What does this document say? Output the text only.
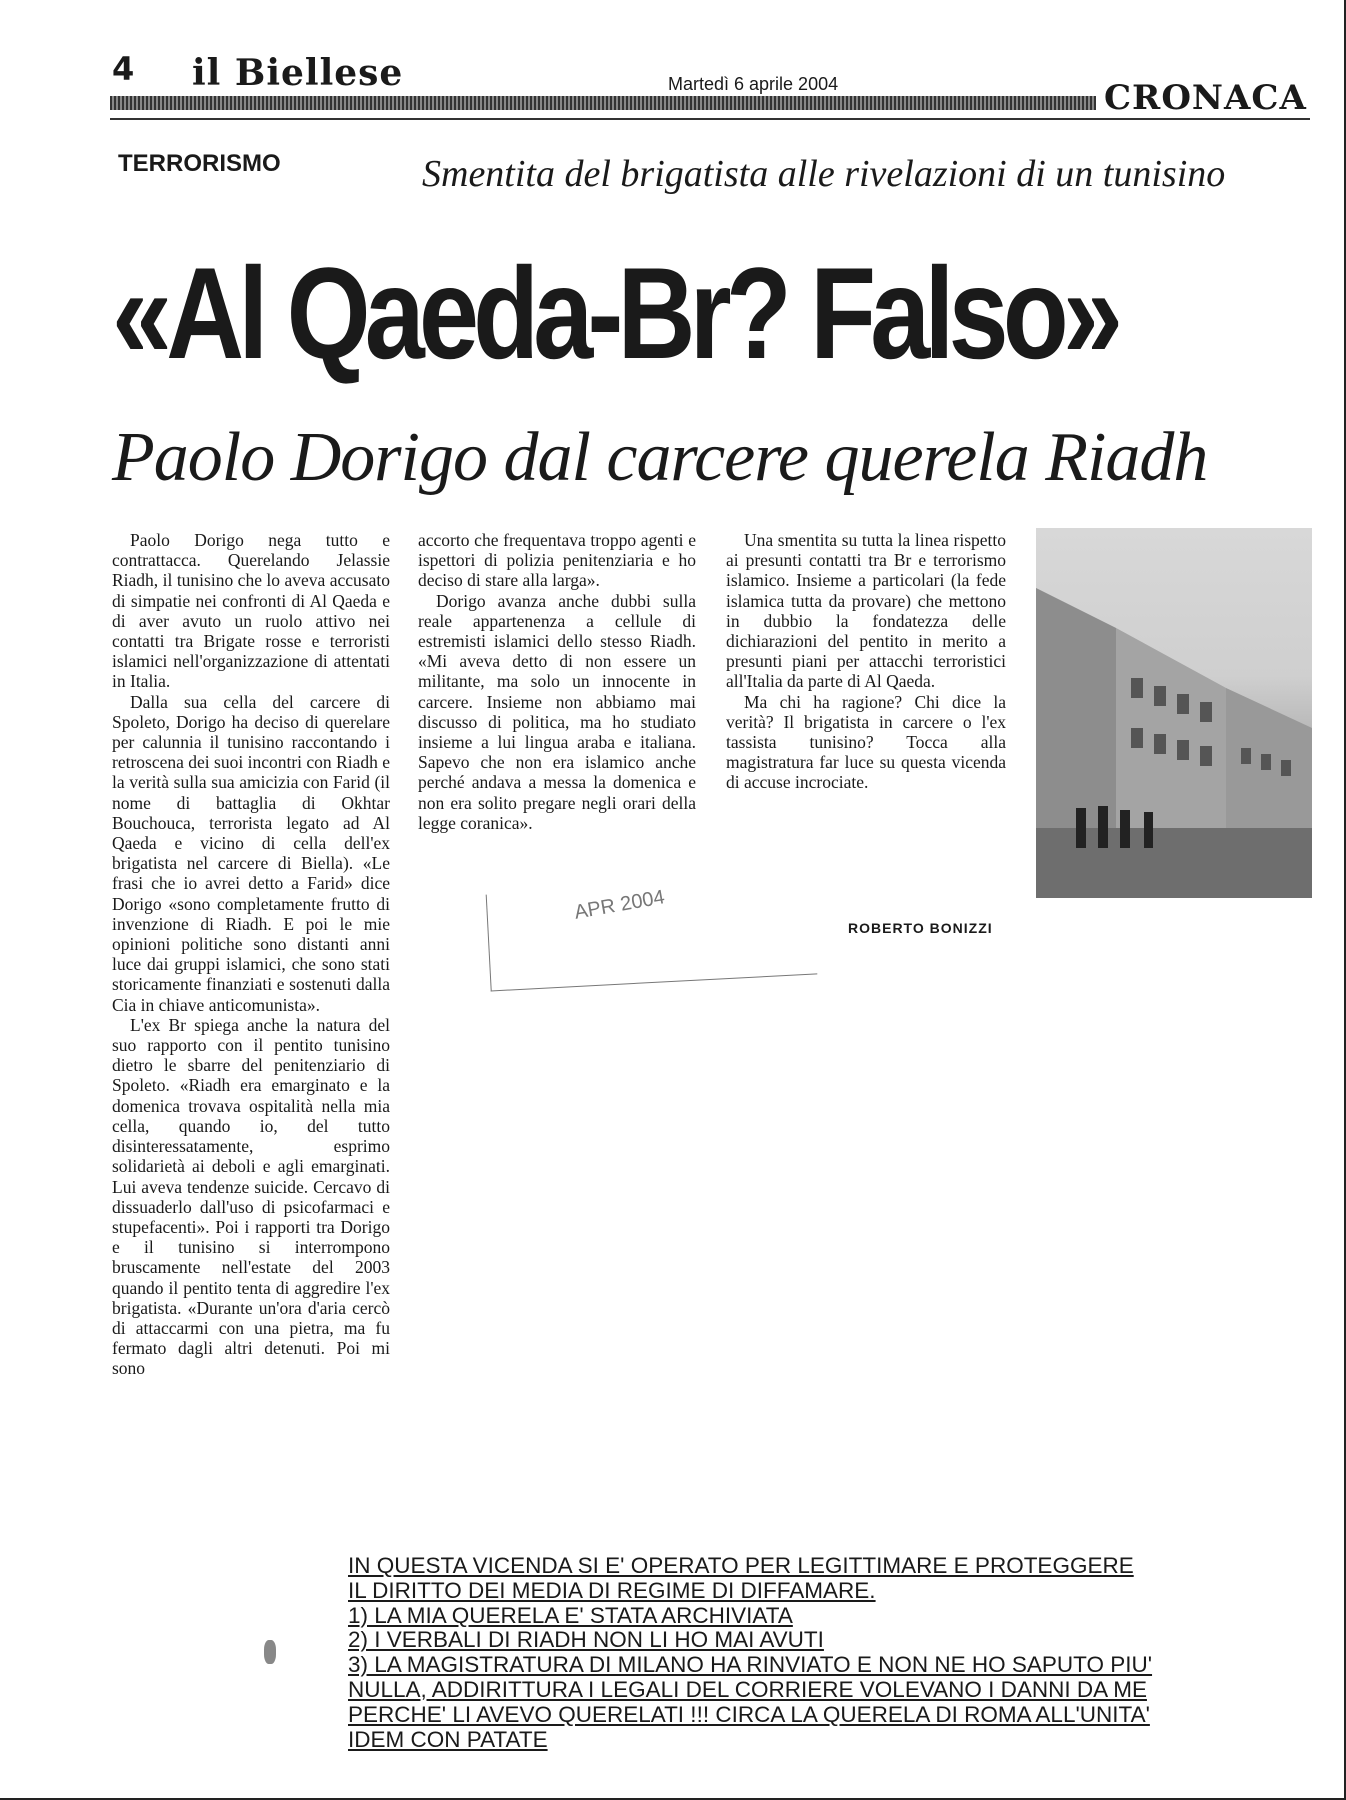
4 il Biellese	Martedì 6 aprile 2004	CRONACA
TERRORISMO	Smentita del brigatista alle rivelazioni di un tunisino
«Al Qaeda-Br? Falso»
Paolo Dorigo dal carcere querela Riadh

Paolo Dorigo nega tutto e contrattacca. Querelando Jelassie Riadh, il tunisino che lo aveva accusato di simpatie nei confronti di Al Qaeda e di aver avuto un ruolo attivo nei contatti tra Brigate rosse e terroristi islamici nell'organizzazione di attentati in Italia.

Dalla sua cella del carcere di Spoleto, Dorigo ha deciso di querelare per calunnia il tunisino raccontando i retroscena dei suoi incontri con Riadh e la verità sulla sua amicizia con Farid (il nome di battaglia di Okhtar Bouchouca, terrorista legato ad Al Qaeda e vicino di cella dell'ex brigatista nel carcere di Biella). «Le frasi che io avrei detto a Farid» dice Dorigo «sono completamente frutto di invenzione di Riadh. E poi le mie opinioni politiche sono distanti anni luce dai gruppi islamici, che sono stati storicamente finanziati e sostenuti dalla Cia in chiave anticomunista».

L'ex Br spiega anche la natura del suo rapporto con il pentito tunisino dietro le sbarre del penitenziario di Spoleto. «Riadh era emarginato e la domenica trovava ospitalità nella mia cella, quando io, del tutto disinteressatamente, esprimo solidarietà ai deboli e agli emarginati. Lui aveva tendenze suicide. Cercavo di dissuaderlo dall'uso di psicofarmaci e stupefacenti». Poi i rapporti tra Dorigo e il tunisino si interrompono bruscamente nell'estate del 2003 quando il pentito tenta di aggredire l'ex brigatista. «Durante un'ora d'aria cercò di attaccarmi con una pietra, ma fu fermato dagli altri detenuti. Poi mi sono

accorto che frequentava troppo agenti e ispettori di polizia penitenziaria e ho deciso di stare alla larga».

Dorigo avanza anche dubbi sulla reale appartenenza a cellule di estremisti islamici dello stesso Riadh. «Mi aveva detto di non essere un militante, ma solo un innocente in carcere. Insieme non abbiamo mai discusso di politica, ma ho studiato insieme a lui lingua araba e italiana. Sapevo che non era islamico anche perché andava a messa la domenica e non era solito pregare negli orari della legge coranica».

Una smentita su tutta la linea rispetto ai presunti contatti tra Br e terrorismo islamico. Insieme a particolari (la fede islamica tutta da provare) che mettono in dubbio la fondatezza delle dichiarazioni del pentito in merito a presunti piani per attacchi terroristici all'Italia da parte di Al Qaeda.

Ma chi ha ragione? Chi dice la verità? Il brigatista in carcere o l'ex tassista tunisino? Tocca alla magistratura far luce su questa vicenda di accuse incrociate.

ROBERTO BONIZZI
APR 2004
IN QUESTA VICENDA SI E' OPERATO PER LEGITTIMARE E PROTEGGERE
IL DIRITTO DEI MEDIA DI REGIME DI DIFFAMARE.
1) LA MIA QUERELA E' STATA ARCHIVIATA
2) I VERBALI DI RIADH NON LI HO MAI AVUTI
3) LA MAGISTRATURA DI MILANO HA RINVIATO E NON NE HO SAPUTO PIU'
NULLA, ADDIRITTURA I LEGALI DEL CORRIERE VOLEVANO I DANNI DA ME
PERCHE' LI AVEVO QUERELATI !!! CIRCA LA QUERELA DI ROMA ALL'UNITA'
IDEM CON PATATE
